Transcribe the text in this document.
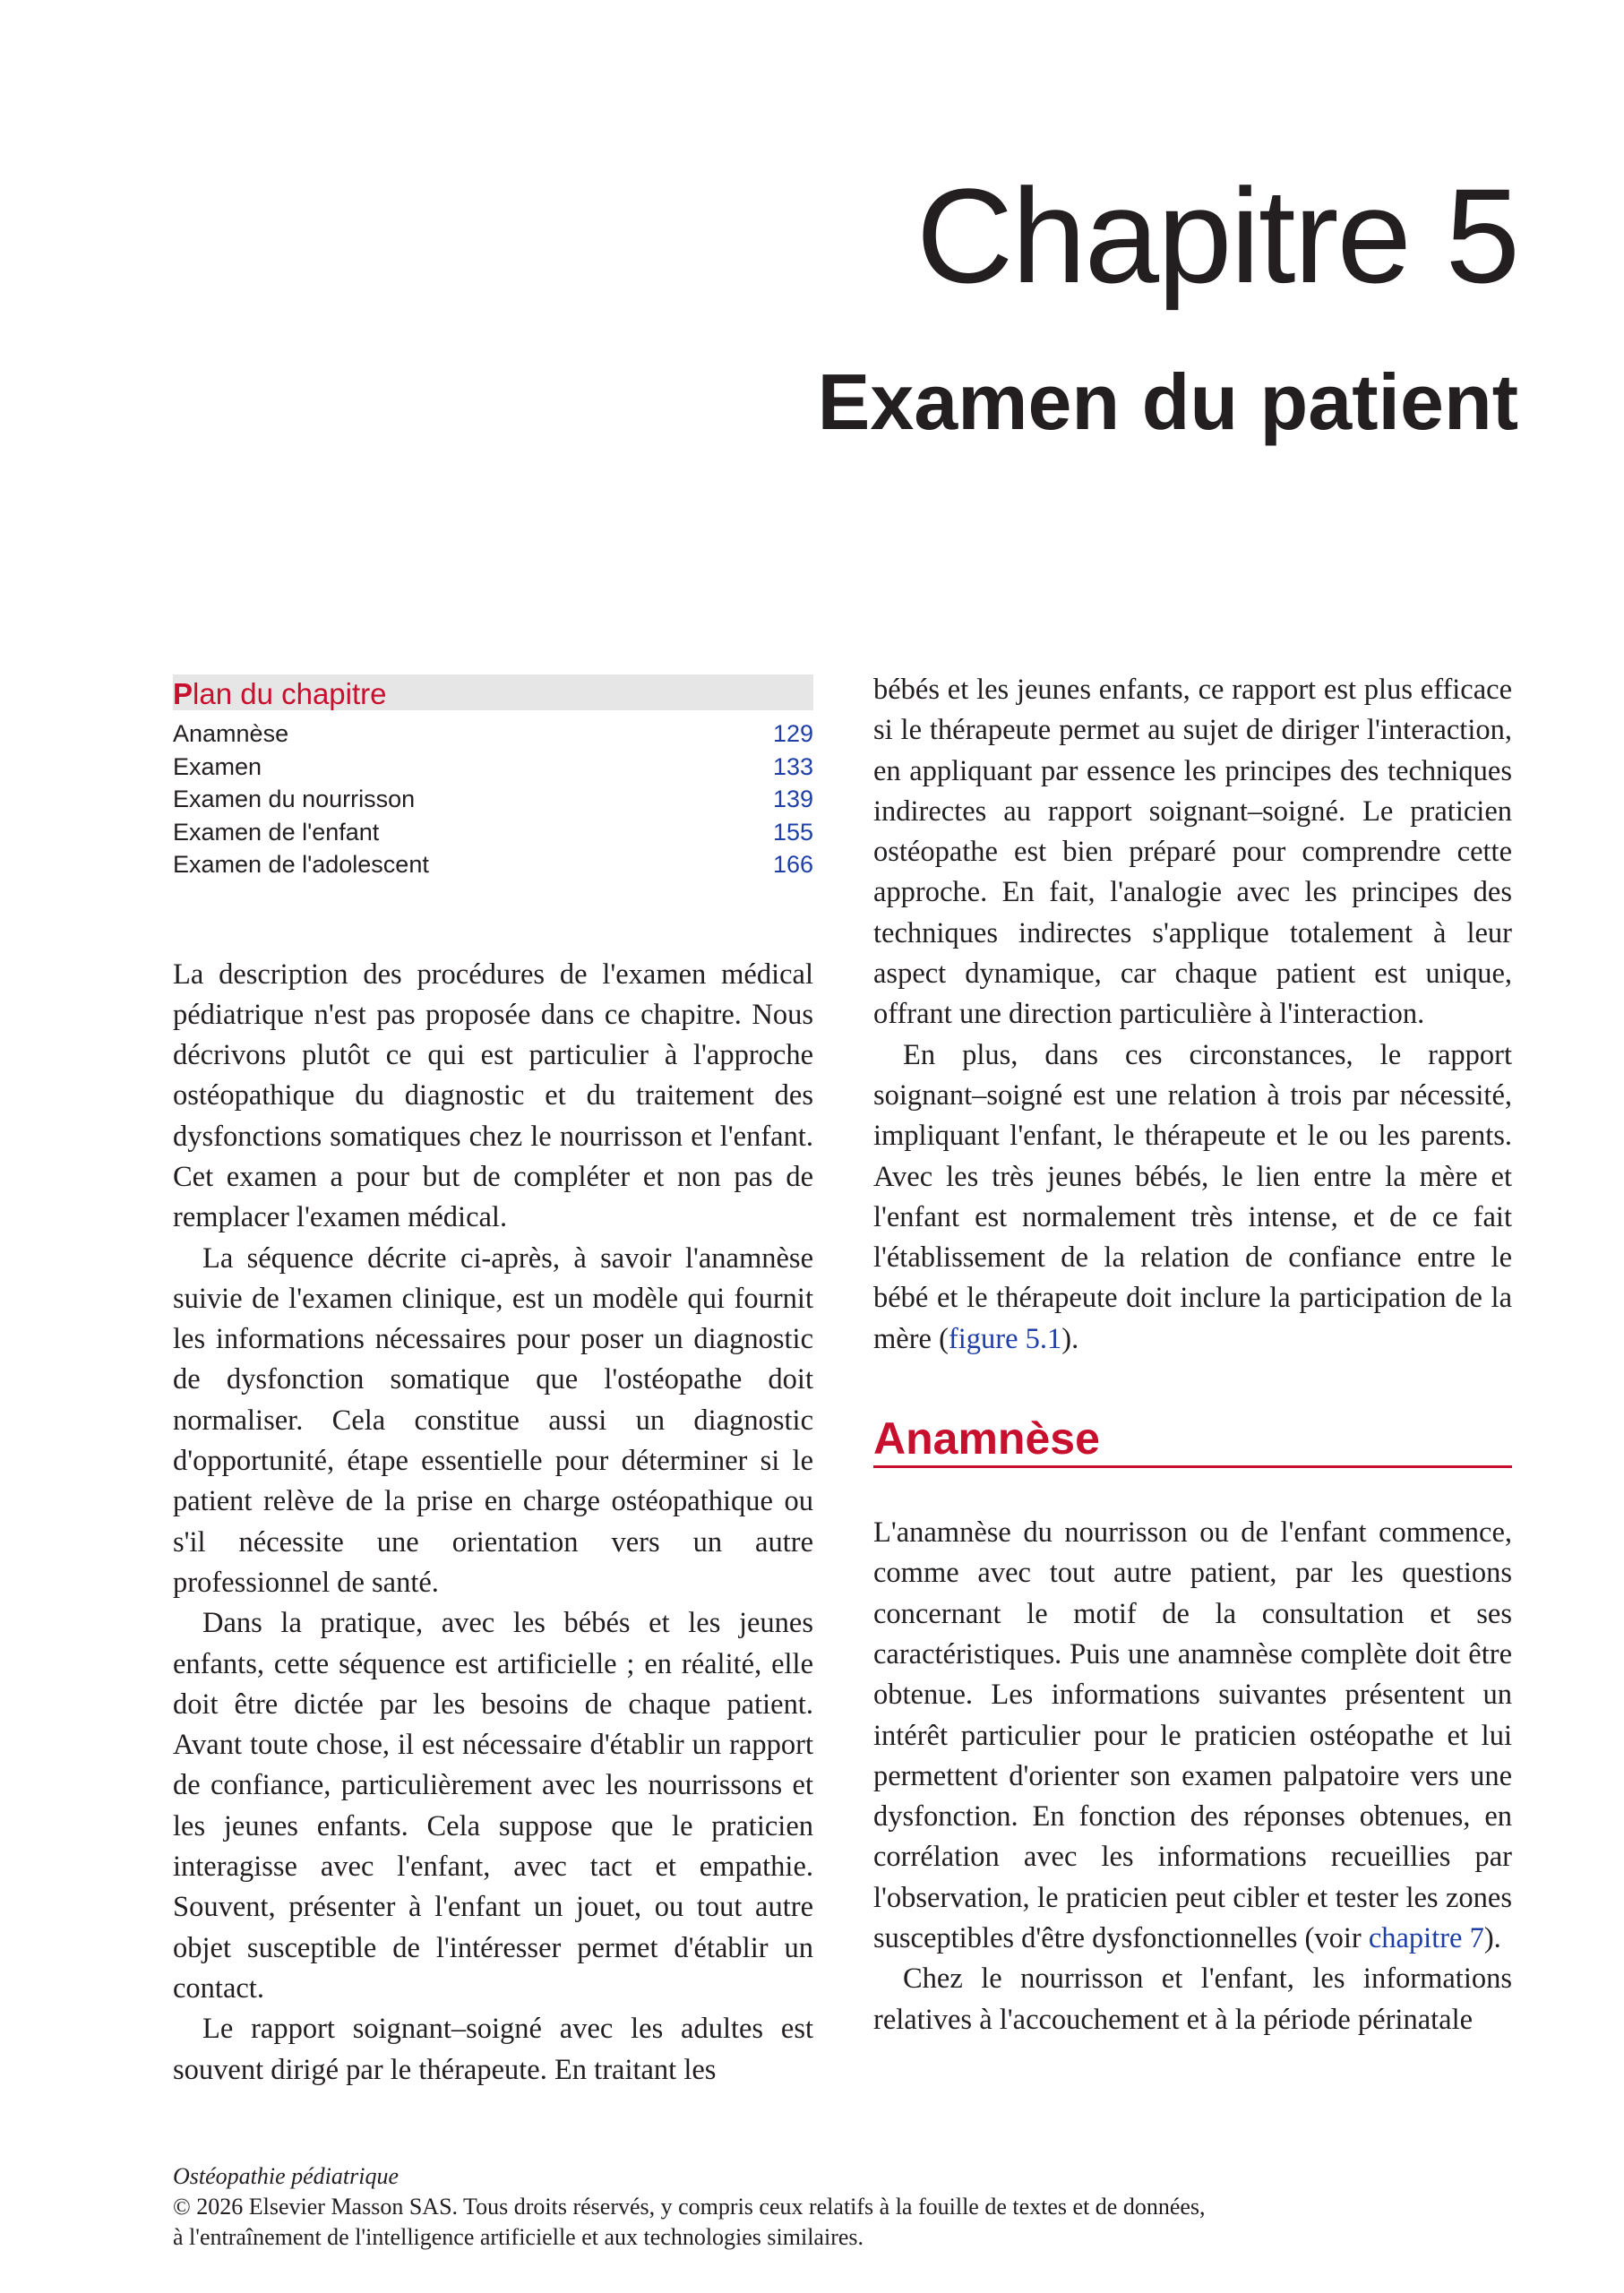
Chapitre 5
Examen du patient
Plan du chapitre
Anamnèse	129
Examen	133
Examen du nourrisson	139
Examen de l'enfant	155
Examen de l'adolescent	166

La description des procédures de l'examen médical pédiatrique n'est pas proposée dans ce chapitre. Nous décrivons plutôt ce qui est particulier à l'approche ostéopathique du diagnostic et du traitement des dysfonctions somatiques chez le nourrisson et l'enfant. Cet examen a pour but de compléter et non pas de remplacer l'examen médical.

La séquence décrite ci-après, à savoir l'anamnèse suivie de l'examen clinique, est un modèle qui fournit les informations nécessaires pour poser un diagnostic de dysfonction somatique que l'ostéopathe doit normaliser. Cela constitue aussi un diagnostic d'opportunité, étape essentielle pour déterminer si le patient relève de la prise en charge ostéopathique ou s'il nécessite une orientation vers un autre professionnel de santé.

Dans la pratique, avec les bébés et les jeunes enfants, cette séquence est artificielle ; en réalité, elle doit être dictée par les besoins de chaque patient. Avant toute chose, il est nécessaire d'établir un rapport de confiance, particulièrement avec les nourrissons et les jeunes enfants. Cela suppose que le praticien interagisse avec l'enfant, avec tact et empathie. Souvent, présenter à l'enfant un jouet, ou tout autre objet susceptible de l'intéresser permet d'établir un contact.

Le rapport soignant–soigné avec les adultes est souvent dirigé par le thérapeute. En traitant les

bébés et les jeunes enfants, ce rapport est plus efficace si le thérapeute permet au sujet de diriger l'interaction, en appliquant par essence les principes des techniques indirectes au rapport soignant–soigné. Le praticien ostéopathe est bien préparé pour comprendre cette approche. En fait, l'analogie avec les principes des techniques indirectes s'applique totalement à leur aspect dynamique, car chaque patient est unique, offrant une direction particulière à l'interaction.

En plus, dans ces circonstances, le rapport soignant–soigné est une relation à trois par nécessité, impliquant l'enfant, le thérapeute et le ou les parents. Avec les très jeunes bébés, le lien entre la mère et l'enfant est normalement très intense, et de ce fait l'établissement de la relation de confiance entre le bébé et le thérapeute doit inclure la participation de la mère (figure 5.1).

Anamnèse

L'anamnèse du nourrisson ou de l'enfant commence, comme avec tout autre patient, par les questions concernant le motif de la consultation et ses caractéristiques. Puis une anamnèse complète doit être obtenue. Les informations suivantes présentent un intérêt particulier pour le praticien ostéopathe et lui permettent d'orienter son examen palpatoire vers une dysfonction. En fonction des réponses obtenues, en corrélation avec les informations recueillies par l'observation, le praticien peut cibler et tester les zones susceptibles d'être dysfonctionnelles (voir chapitre 7).

Chez le nourrisson et l'enfant, les informations relatives à l'accouchement et à la période périnatale

Ostéopathie pédiatrique
© 2026 Elsevier Masson SAS. Tous droits réservés, y compris ceux relatifs à la fouille de textes et de données,
à l'entraînement de l'intelligence artificielle et aux technologies similaires.
